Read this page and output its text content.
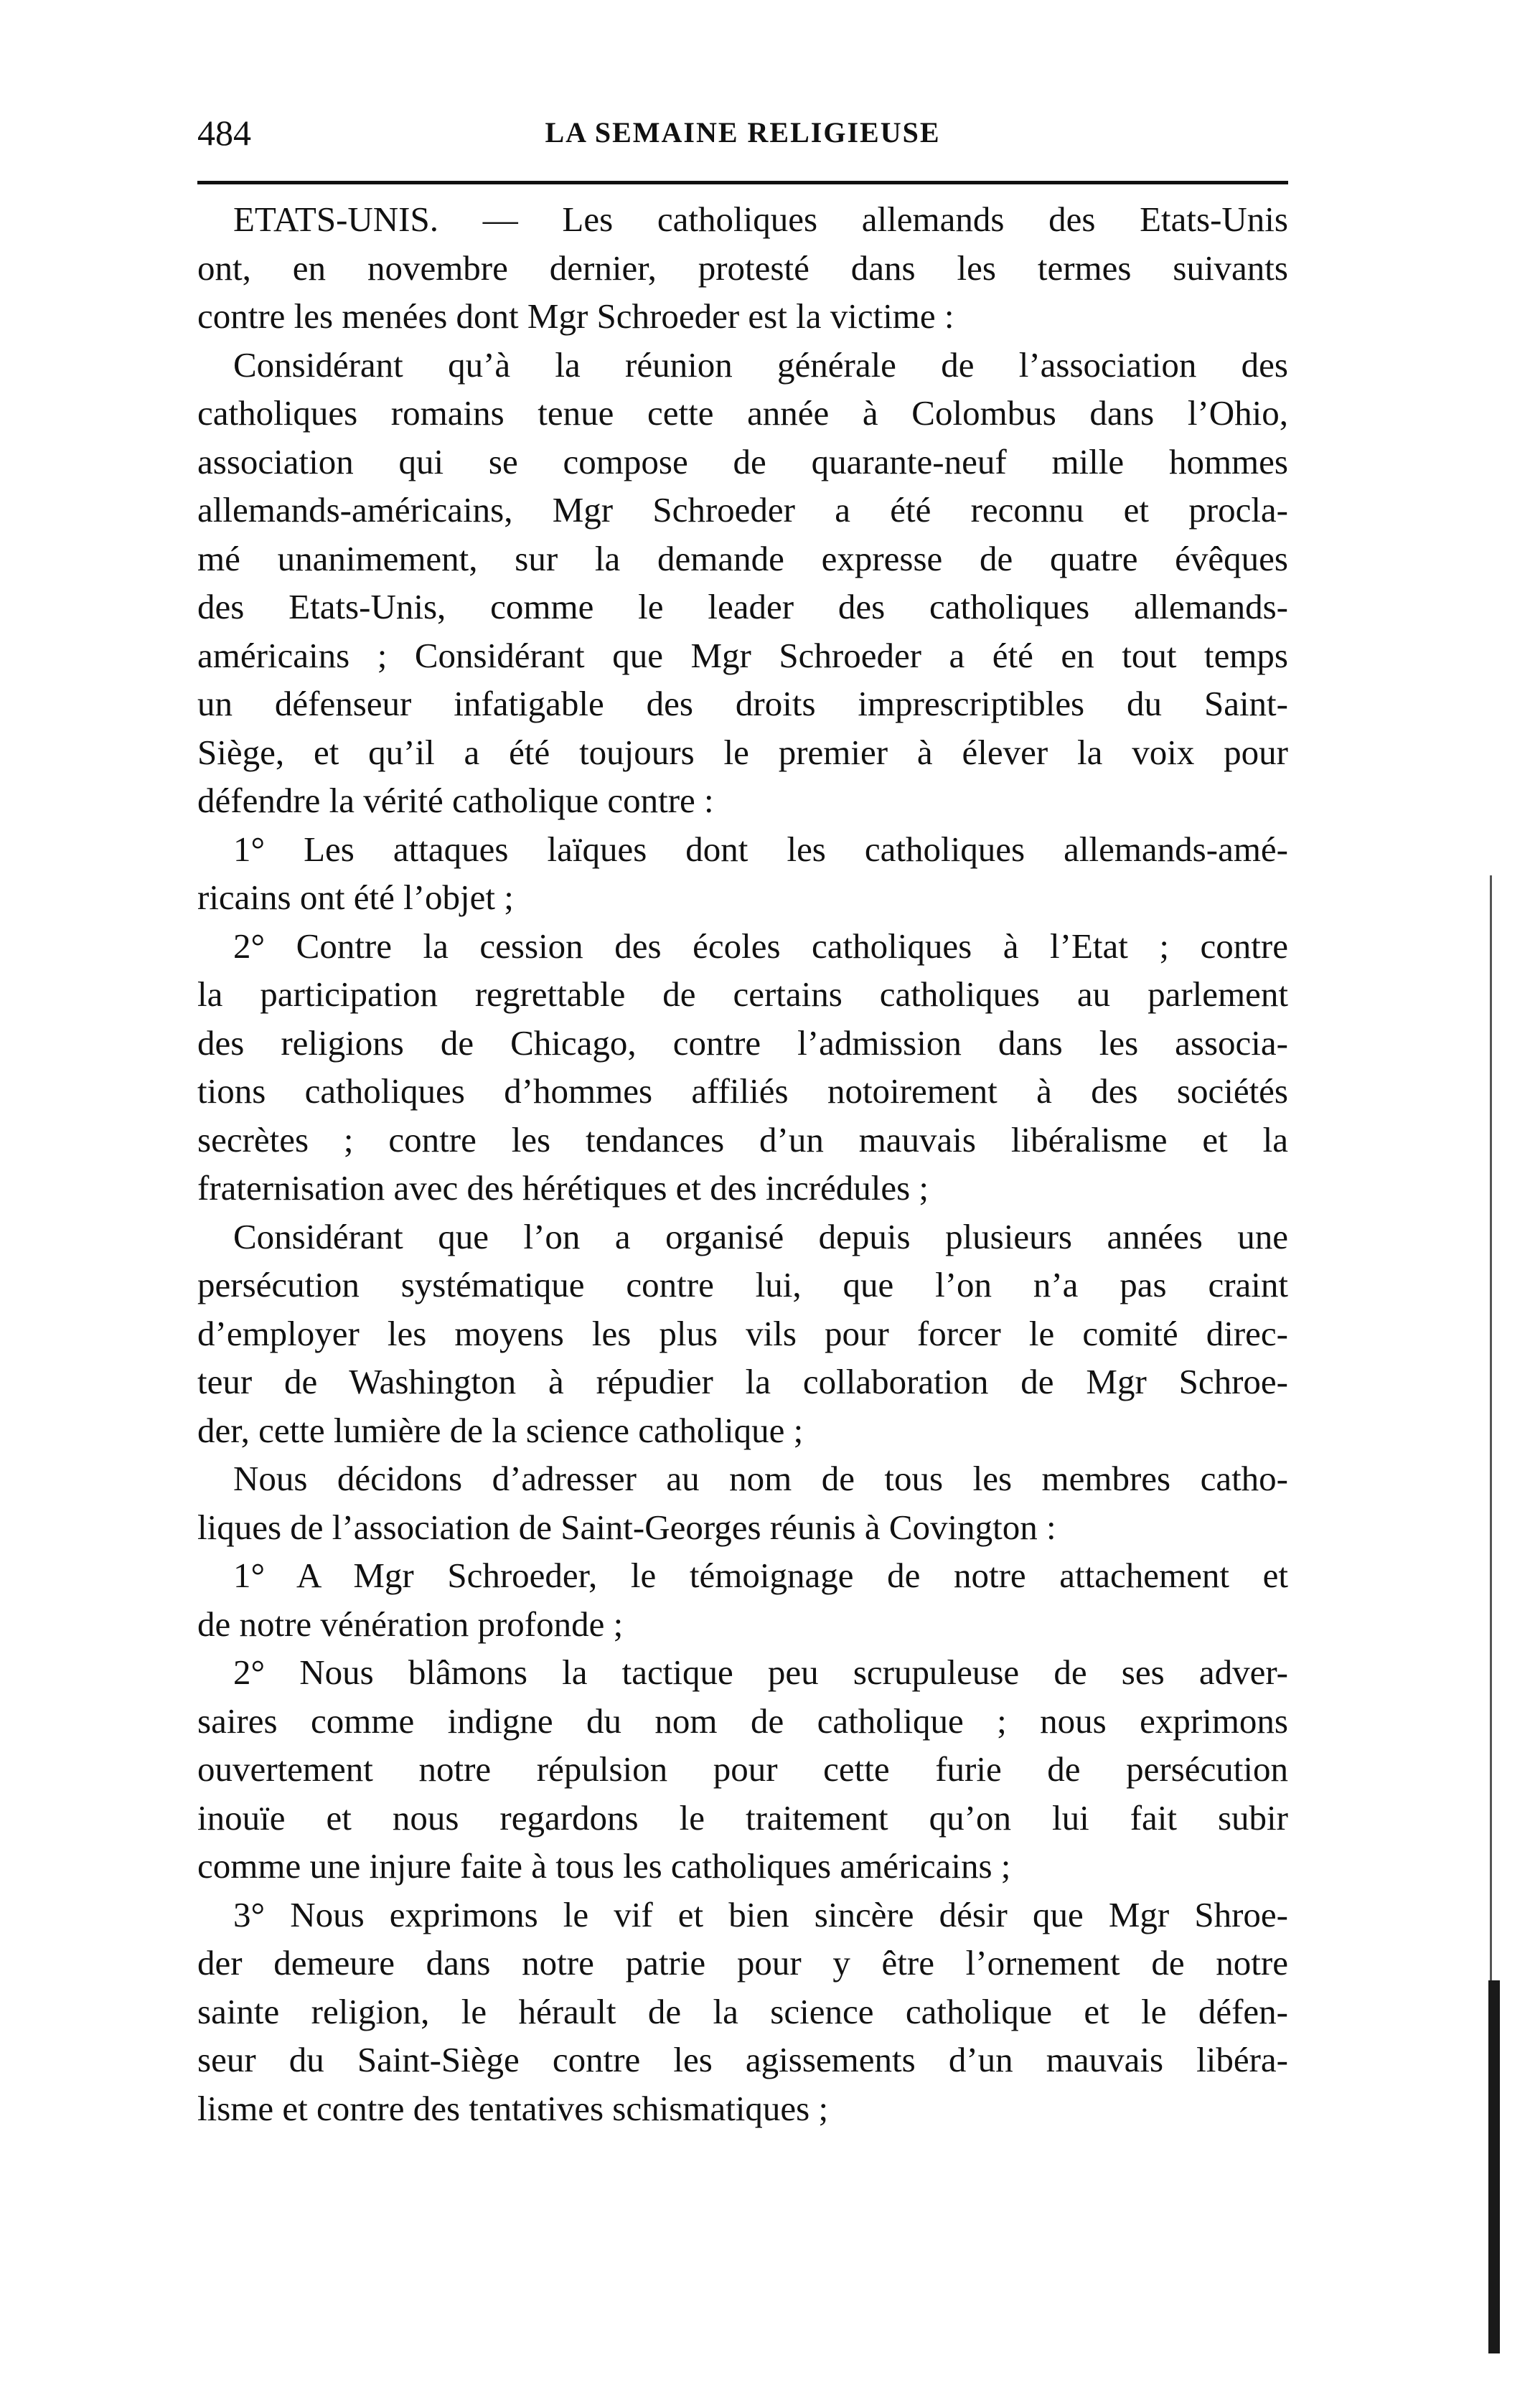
484	LA SEMAINE RELIGIEUSE
ETATS-UNIS. — Les catholiques allemands des Etats-Unis
ont, en novembre dernier, protesté dans les termes suivants
contre les menées dont Mgr Schroeder est la victime :
Considérant qu’à la réunion générale de l’association des
catholiques romains tenue cette année à Colombus dans l’Ohio,
association qui se compose de quarante-neuf mille hommes
allemands-américains, Mgr Schroeder a été reconnu et procla-
mé unanimement, sur la demande expresse de quatre évêques
des Etats-Unis, comme le leader des catholiques allemands-
américains ; Considérant que Mgr Schroeder a été en tout temps
un défenseur infatigable des droits imprescriptibles du Saint-
Siège, et qu’il a été toujours le premier à élever la voix pour
défendre la vérité catholique contre :
1° Les attaques laïques dont les catholiques allemands-amé-
ricains ont été l’objet ;
2° Contre la cession des écoles catholiques à l’Etat ; contre
la participation regrettable de certains catholiques au parlement
des religions de Chicago, contre l’admission dans les associa-
tions catholiques d’hommes affiliés notoirement à des sociétés
secrètes ; contre les tendances d’un mauvais libéralisme et la
fraternisation avec des hérétiques et des incrédules ;
Considérant que l’on a organisé depuis plusieurs années une
persécution systématique contre lui, que l’on n’a pas craint
d’employer les moyens les plus vils pour forcer le comité direc-
teur de Washington à répudier la collaboration de Mgr Schroe-
der, cette lumière de la science catholique ;
Nous décidons d’adresser au nom de tous les membres catho-
liques de l’association de Saint-Georges réunis à Covington :
1° A Mgr Schroeder, le témoignage de notre attachement et
de notre vénération profonde ;
2° Nous blâmons la tactique peu scrupuleuse de ses adver-
saires comme indigne du nom de catholique ; nous exprimons
ouvertement notre répulsion pour cette furie de persécution
inouïe et nous regardons le traitement qu’on lui fait subir
comme une injure faite à tous les catholiques américains ;
3° Nous exprimons le vif et bien sincère désir que Mgr Shroe-
der demeure dans notre patrie pour y être l’ornement de notre
sainte religion, le hérault de la science catholique et le défen-
seur du Saint-Siège contre les agissements d’un mauvais libéra-
lisme et contre des tentatives schismatiques ;
